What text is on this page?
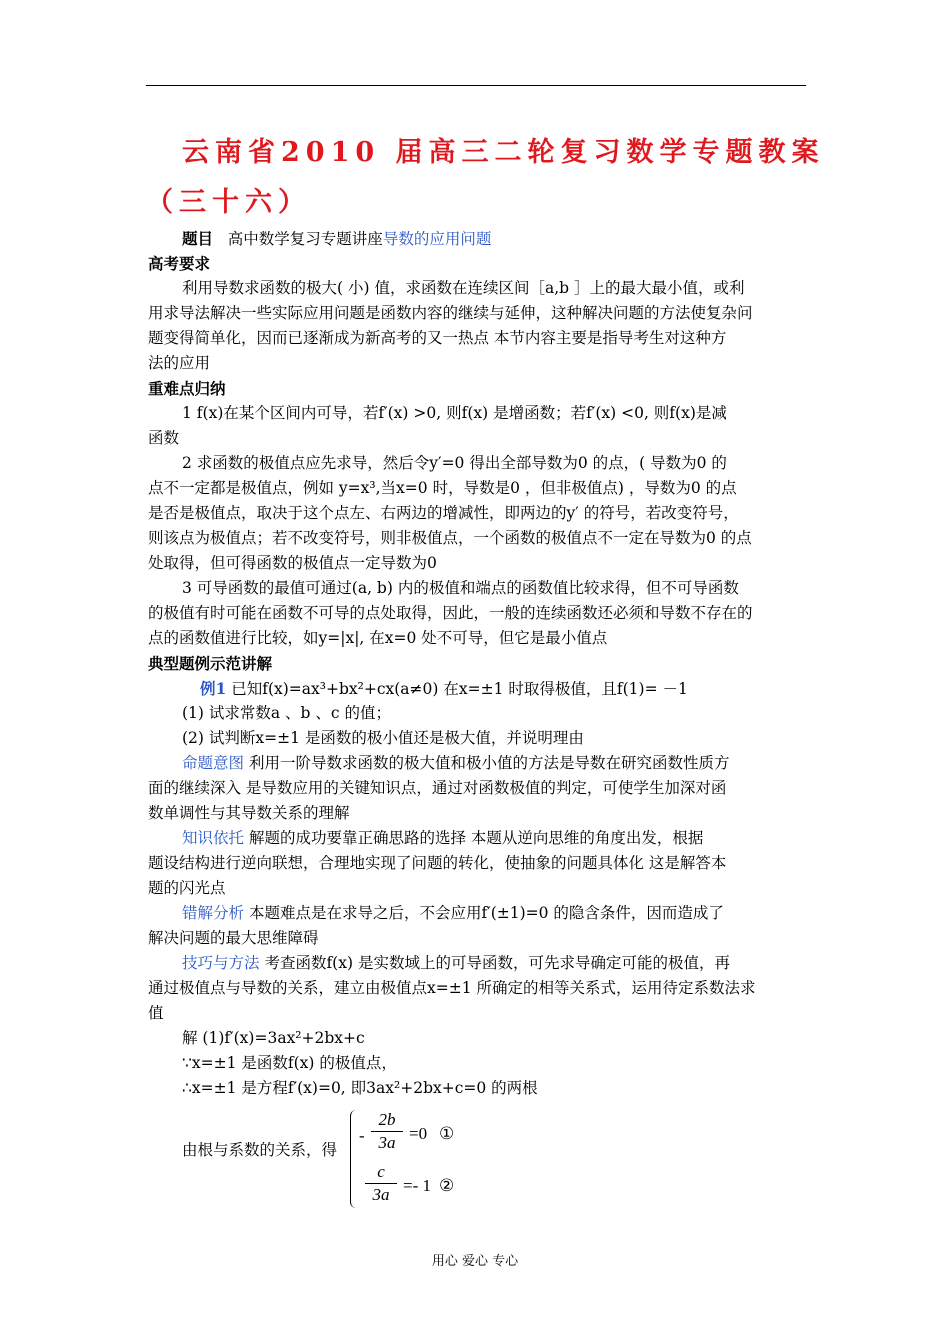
云南省2010 届高三二轮复习数学专题教案
（三十六）
题目 高中数学复习专题讲座导数的应用问题
高考要求
利用导数求函数的极大( 小) 值，求函数在连续区间［a,b ］上的最大最小值，或利
用求导法解决一些实际应用问题是函数内容的继续与延伸，这种解决问题的方法使复杂问
题变得简单化，因而已逐渐成为新高考的又一热点 本节内容主要是指导考生对这种方
法的应用
重难点归纳
1 f(x)在某个区间内可导，若f′(x) >0, 则f(x) 是增函数；若f′(x) <0, 则f(x)是减
函数
2 求函数的极值点应先求导，然后令y′=0 得出全部导数为0 的点，( 导数为0 的
点不一定都是极值点，例如 y=x³,当x=0 时，导数是0 ，但非极值点) ，导数为0 的点
是否是极值点，取决于这个点左、右两边的增减性，即两边的y′ 的符号，若改变符号，
则该点为极值点；若不改变符号，则非极值点，一个函数的极值点不一定在导数为0 的点
处取得，但可得函数的极值点一定导数为0
3 可导函数的最值可通过(a, b) 内的极值和端点的函数值比较求得，但不可导函数
的极值有时可能在函数不可导的点处取得，因此，一般的连续函数还必须和导数不存在的
点的函数值进行比较，如y=|x|, 在x=0 处不可导，但它是最小值点
典型题例示范讲解
例1 已知f(x)=ax³+bx²+cx(a≠0) 在x=±1 时取得极值，且f(1)= －1
(1) 试求常数a 、b 、c 的值；
(2) 试判断x=±1 是函数的极小值还是极大值，并说明理由
命题意图 利用一阶导数求函数的极大值和极小值的方法是导数在研究函数性质方
面的继续深入 是导数应用的关键知识点，通过对函数极值的判定，可使学生加深对函
数单调性与其导数关系的理解
知识依托 解题的成功要靠正确思路的选择 本题从逆向思维的角度出发，根据
题设结构进行逆向联想，合理地实现了问题的转化，使抽象的问题具体化 这是解答本
题的闪光点
错解分析 本题难点是在求导之后，不会应用f′(±1)=0 的隐含条件，因而造成了
解决问题的最大思维障碍
技巧与方法 考查函数f(x) 是实数域上的可导函数，可先求导确定可能的极值，再
通过极值点与导数的关系，建立由极值点x=±1 所确定的相等关系式，运用待定系数法求
值
解 (1)f′(x)=3ax²+2bx+c
∵x=±1 是函数f(x) 的极值点，
∴x=±1 是方程f′(x)=0, 即3ax²+2bx+c=0 的两根
由根与系数的关系，得
-
2b
3a =0 ①
c
3a =- 1 ②
用心 爱心 专心
